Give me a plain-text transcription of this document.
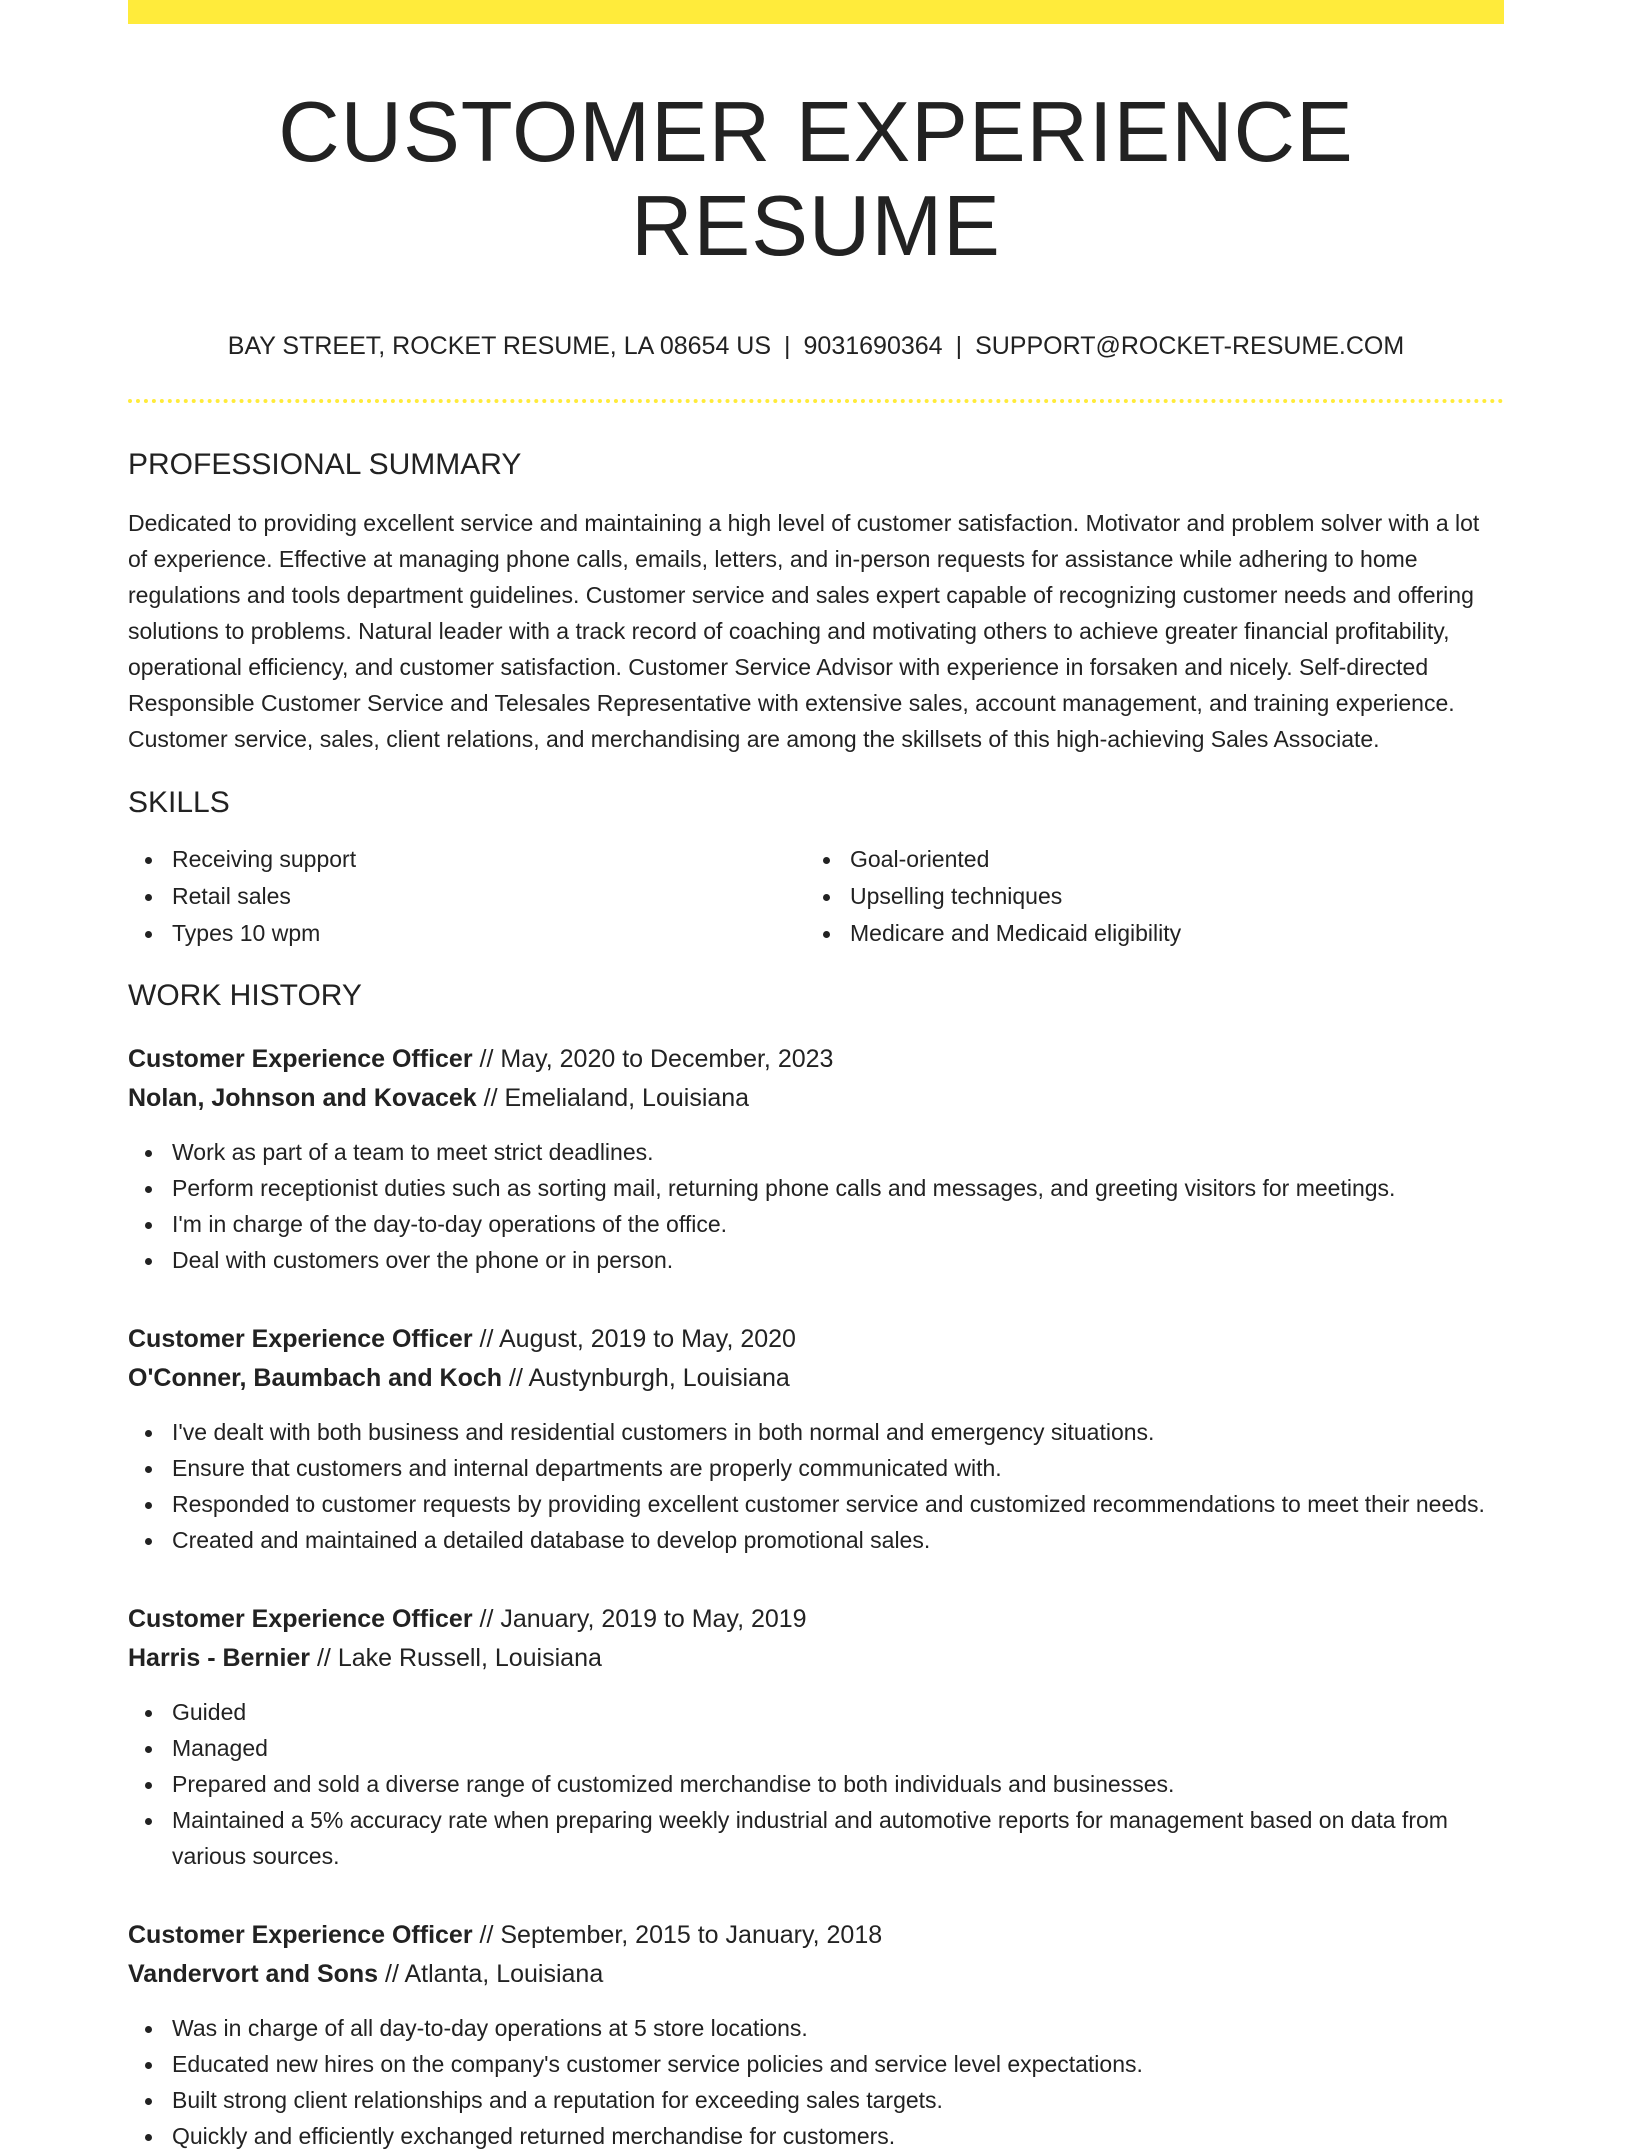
CUSTOMER EXPERIENCE RESUME
BAY STREET, ROCKET RESUME, LA 08654 US | 9031690364 | SUPPORT@ROCKET-RESUME.COM
PROFESSIONAL SUMMARY
Dedicated to providing excellent service and maintaining a high level of customer satisfaction. Motivator and problem solver with a lot of experience. Effective at managing phone calls, emails, letters, and in-person requests for assistance while adhering to home regulations and tools department guidelines. Customer service and sales expert capable of recognizing customer needs and offering solutions to problems. Natural leader with a track record of coaching and motivating others to achieve greater financial profitability, operational efficiency, and customer satisfaction. Customer Service Advisor with experience in forsaken and nicely. Self-directed Responsible Customer Service and Telesales Representative with extensive sales, account management, and training experience. Customer service, sales, client relations, and merchandising are among the skillsets of this high-achieving Sales Associate.
SKILLS
Receiving support
Retail sales
Types 10 wpm
Goal-oriented
Upselling techniques
Medicare and Medicaid eligibility
WORK HISTORY
Customer Experience Officer // May, 2020 to December, 2023
Nolan, Johnson and Kovacek // Emelialand, Louisiana
Work as part of a team to meet strict deadlines.
Perform receptionist duties such as sorting mail, returning phone calls and messages, and greeting visitors for meetings.
I'm in charge of the day-to-day operations of the office.
Deal with customers over the phone or in person.
Customer Experience Officer // August, 2019 to May, 2020
O'Conner, Baumbach and Koch // Austynburgh, Louisiana
I've dealt with both business and residential customers in both normal and emergency situations.
Ensure that customers and internal departments are properly communicated with.
Responded to customer requests by providing excellent customer service and customized recommendations to meet their needs.
Created and maintained a detailed database to develop promotional sales.
Customer Experience Officer // January, 2019 to May, 2019
Harris - Bernier // Lake Russell, Louisiana
Guided
Managed
Prepared and sold a diverse range of customized merchandise to both individuals and businesses.
Maintained a 5% accuracy rate when preparing weekly industrial and automotive reports for management based on data from various sources.
Customer Experience Officer // September, 2015 to January, 2018
Vandervort and Sons // Atlanta, Louisiana
Was in charge of all day-to-day operations at 5 store locations.
Educated new hires on the company's customer service policies and service level expectations.
Built strong client relationships and a reputation for exceeding sales targets.
Quickly and efficiently exchanged returned merchandise for customers.
